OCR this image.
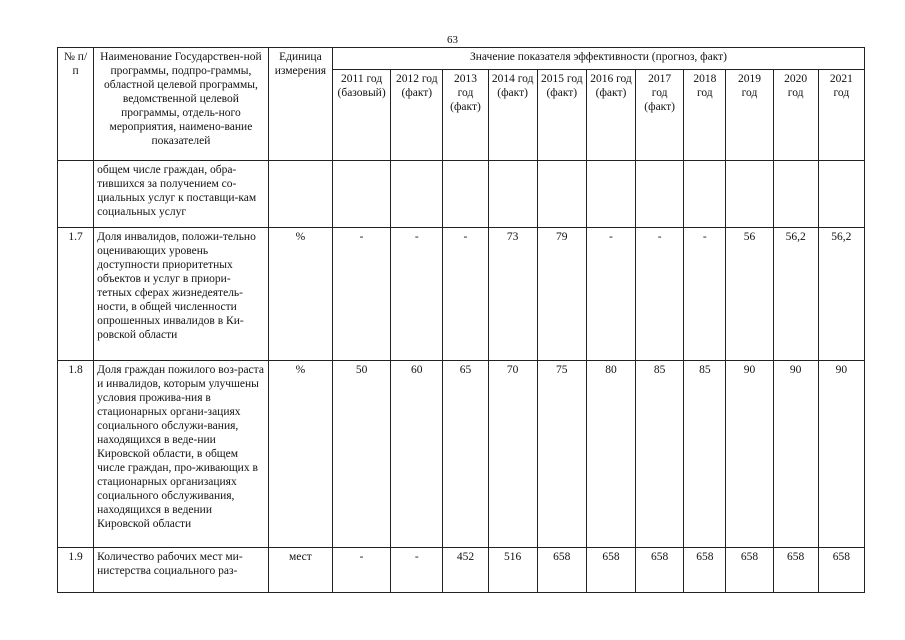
63
№ п/п	Наименование Государствен-ной программы, подпро-граммы, областной целевой программы, ведомственной целевой программы, отдель-ного мероприятия, наимено-вание показателей	Единица измерения	Значение показателя эффективности (прогноз, факт)										
			2011 год (базовый)	2012 год (факт)	2013 год (факт)	2014 год (факт)	2015 год (факт)	2016 год (факт)	2017 год (факт)	2018 год	2019 год	2020 год	2021 год
	общем числе граждан, обра-тившихся за получением со-циальных услуг к поставщи-кам социальных услуг												
1.7	Доля инвалидов, положи-тельно оценивающих уровень доступности приоритетных объектов и услуг в приори-тетных сферах жизнедеятель-ности, в общей численности опрошенных инвалидов в Ки-ровской области	%	-	-	-	73	79	-	-	-	56	56,2	56,2
1.8	Доля граждан пожилого воз-раста и инвалидов, которым улучшены условия прожива-ния в стационарных органи-зациях социального обслужи-вания, находящихся в веде-нии Кировской области, в общем числе граждан, про-живающих в стационарных организациях социального обслуживания, находящихся в ведении Кировской области	%	50	60	65	70	75	80	85	85	90	90	90
1.9	Количество рабочих мест ми-нистерства социального раз-	мест	-	-	452	516	658	658	658	658	658	658	658
